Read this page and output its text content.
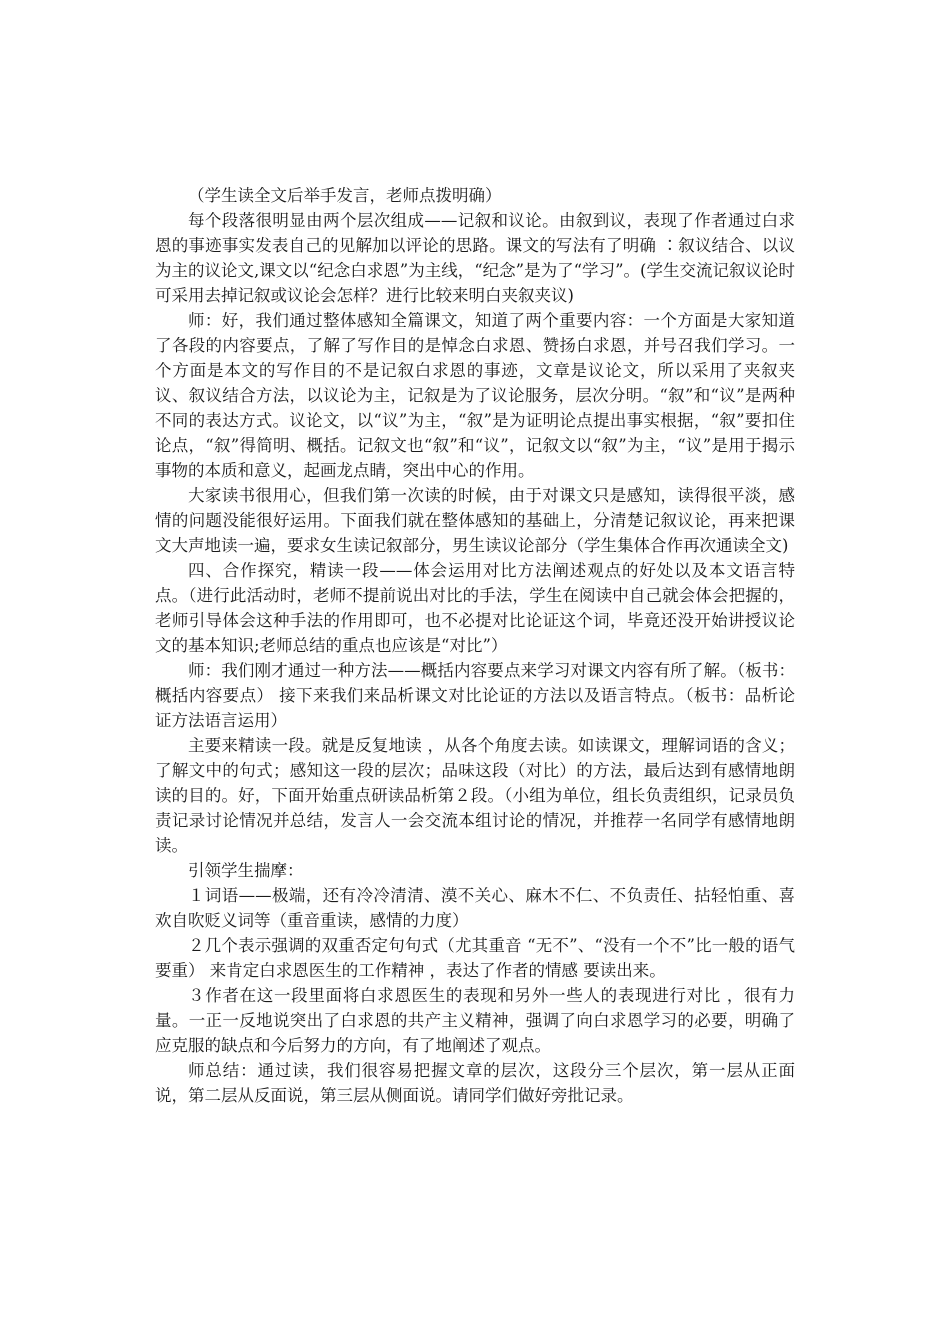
（学生读全文后举手发言，老师点拨明确）

每个段落很明显由两个层次组成——记叙和议论。由叙到议，表现了作者通过白求恩的事迹事实发表自己的见解加以评论的思路。课文的写法有了明确 ∶叙议结合、以议为主的议论文,课文以“纪念白求恩”为主线，“纪念”是为了“学习”。(学生交流记叙议论时可采用去掉记叙或议论会怎样？进行比较来明白夹叙夹议)

师：好，我们通过整体感知全篇课文，知道了两个重要内容：一个方面是大家知道了各段的内容要点，了解了写作目的是悼念白求恩、赞扬白求恩，并号召我们学习。一个方面是本文的写作目的不是记叙白求恩的事迹，文章是议论文，所以采用了夹叙夹议、叙议结合方法，以议论为主，记叙是为了议论服务，层次分明。“叙”和“议”是两种不同的表达方式。议论文，以“议”为主，“叙”是为证明论点提出事实根据，“叙”要扣住论点，“叙”得简明、概括。记叙文也“叙”和“议”，记叙文以“叙”为主，“议”是用于揭示事物的本质和意义，起画龙点睛，突出中心的作用。

大家读书很用心，但我们第一次读的时候，由于对课文只是感知，读得很平淡，感情的问题没能很好运用。下面我们就在整体感知的基础上，分清楚记叙议论，再来把课文大声地读一遍，要求女生读记叙部分，男生读议论部分（学生集体合作再次通读全文)

四、合作探究，精读一段——体会运用对比方法阐述观点的好处以及本文语言特点。（进行此活动时，老师不提前说出对比的手法，学生在阅读中自己就会体会把握的，老师引导体会这种手法的作用即可，也不必提对比论证这个词，毕竟还没开始讲授议论文的基本知识;老师总结的重点也应该是“对比”）

师：我们刚才通过一种方法——概括内容要点来学习对课文内容有所了解。（板书：概括内容要点） 接下来我们来品析课文对比论证的方法以及语言特点。（板书：品析论证方法语言运用）

主要来精读一段。就是反复地读 ，从各个角度去读。如读课文，理解词语的含义；了解文中的句式；感知这一段的层次；品味这段（对比）的方法，最后达到有感情地朗读的目的。好，下面开始重点研读品析第２段。（小组为单位，组长负责组织，记录员负责记录讨论情况并总结，发言人一会交流本组讨论的情况，并推荐一名同学有感情地朗读。

引领学生揣摩：

１词语——极端，还有冷冷清清、漠不关心、麻木不仁、不负责任、拈轻怕重、喜欢自吹贬义词等（重音重读，感情的力度）

２几个表示强调的双重否定句句式（尤其重音 “无不”、“没有一个不”比一般的语气要重） 来肯定白求恩医生的工作精神 ，表达了作者的情感 要读出来。

３作者在这一段里面将白求恩医生的表现和另外一些人的表现进行对比 ，很有力量。一正一反地说突出了白求恩的共产主义精神，强调了向白求恩学习的必要，明确了应克服的缺点和今后努力的方向，有了地阐述了观点。

师总结：通过读，我们很容易把握文章的层次，这段分三个层次，第一层从正面说，第二层从反面说，第三层从侧面说。请同学们做好旁批记录。
